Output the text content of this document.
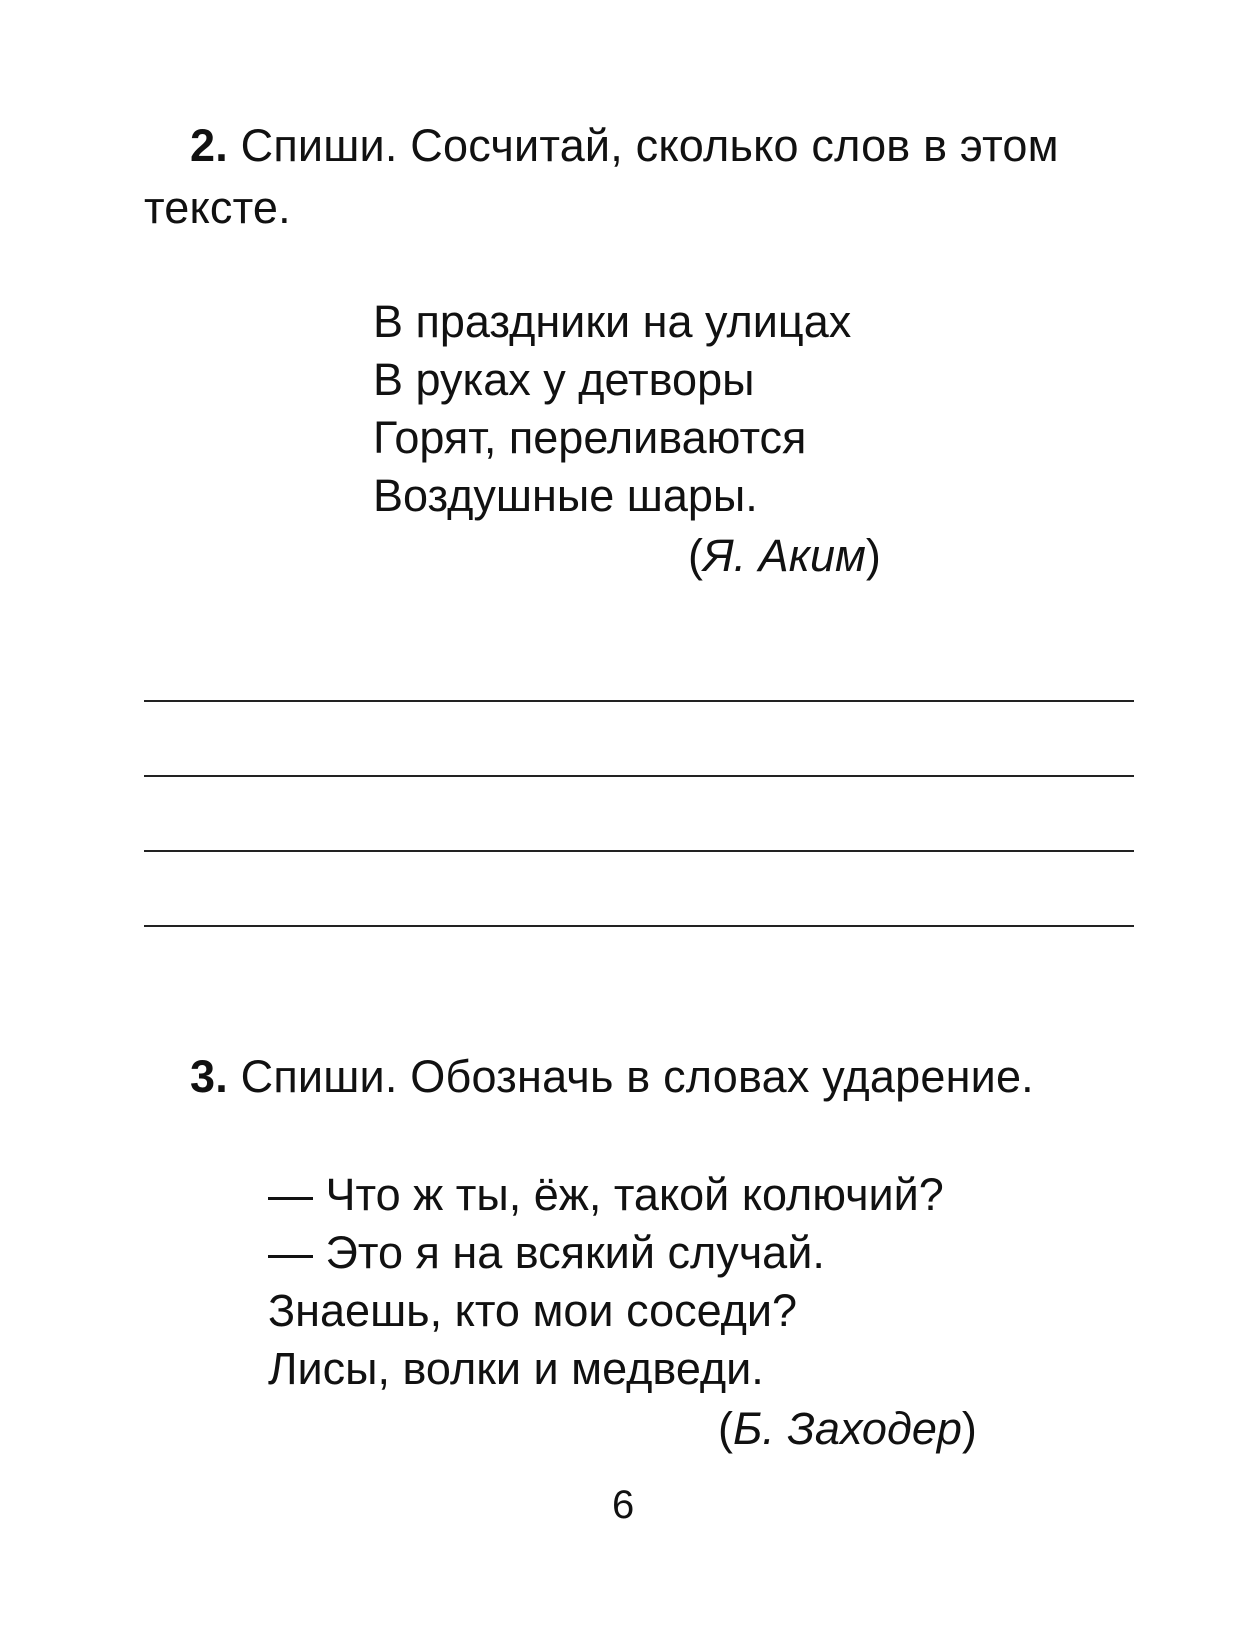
2. Спиши. Сосчитай, сколько слов в этом тексте.
В праздники на улицах
В руках у детворы
Горят, переливаются
Воздушные шары.
(Я. Аким)
3. Спиши. Обозначь в словах ударение.
— Что ж ты, ёж, такой колючий?
— Это я на всякий случай.
Знаешь, кто мои соседи?
Лисы, волки и медведи.
(Б. Заходер)
6
